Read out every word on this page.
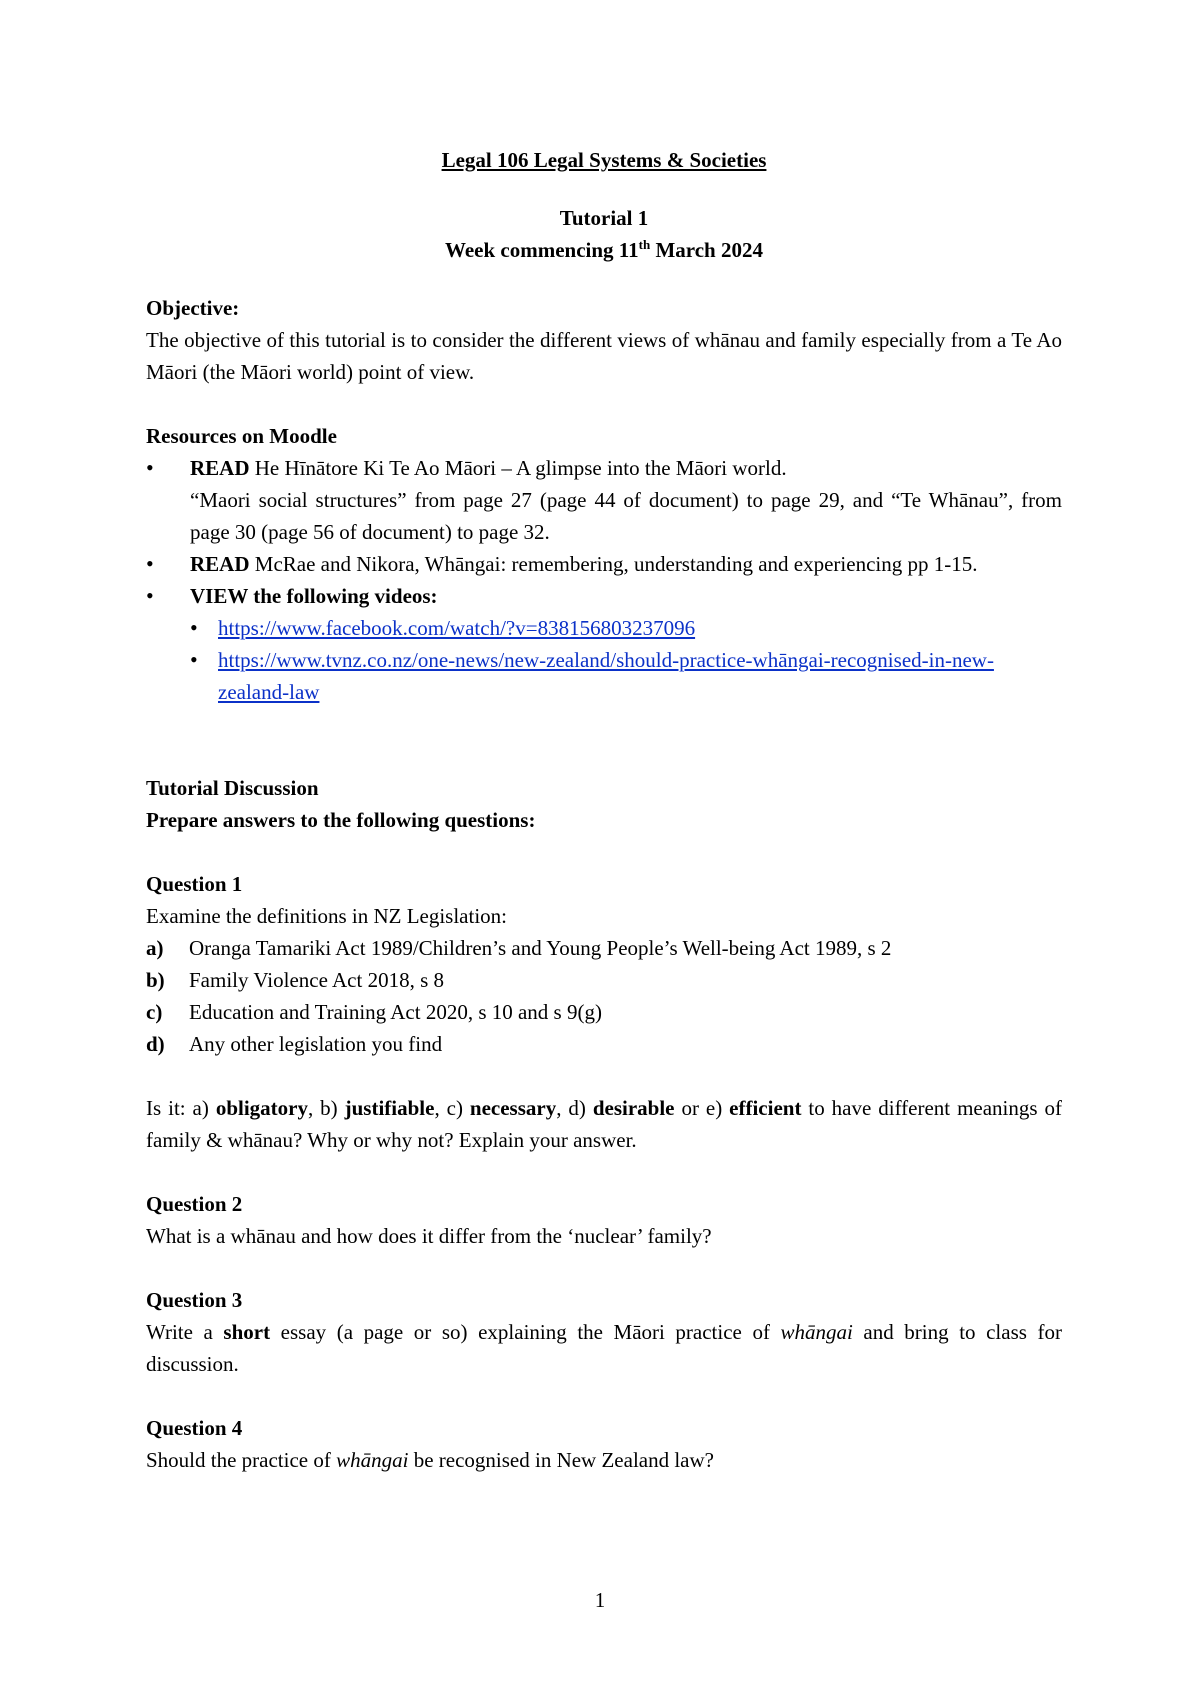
Legal 106 Legal Systems & Societies

Tutorial 1

Week commencing 11th March 2024

Objective:

The objective of this tutorial is to consider the different views of whānau and family especially from a Te Ao Māori (the Māori world) point of view.

Resources on Moodle

• READ He Hīnātore Ki Te Ao Māori – A glimpse into the Māori world.
“Maori social structures” from page 27 (page 44 of document) to page 29, and “Te Whānau”, from page 30 (page 56 of document) to page 32.
• READ McRae and Nikora, Whāngai: remembering, understanding and experiencing pp 1-15.
• VIEW the following videos:
• https://www.facebook.com/watch/?v=838156803237096
• https://www.tvnz.co.nz/one-news/new-zealand/should-practice-whāngai-recognised-in-new-zealand-law

Tutorial Discussion

Prepare answers to the following questions:

Question 1

Examine the definitions in NZ Legislation:

a)	Oranga Tamariki Act 1989/Children’s and Young People’s Well-being Act 1989, s 2
b)	Family Violence Act 2018, s 8
c)	Education and Training Act 2020, s 10 and s 9(g)
d)	Any other legislation you find

Is it: a) obligatory, b) justifiable, c) necessary, d) desirable or e) efficient to have different meanings of family & whānau? Why or why not? Explain your answer.

Question 2

What is a whānau and how does it differ from the ‘nuclear’ family?

Question 3

Write a short essay (a page or so) explaining the Māori practice of whāngai and bring to class for discussion.

Question 4

Should the practice of whāngai be recognised in New Zealand law?

1
